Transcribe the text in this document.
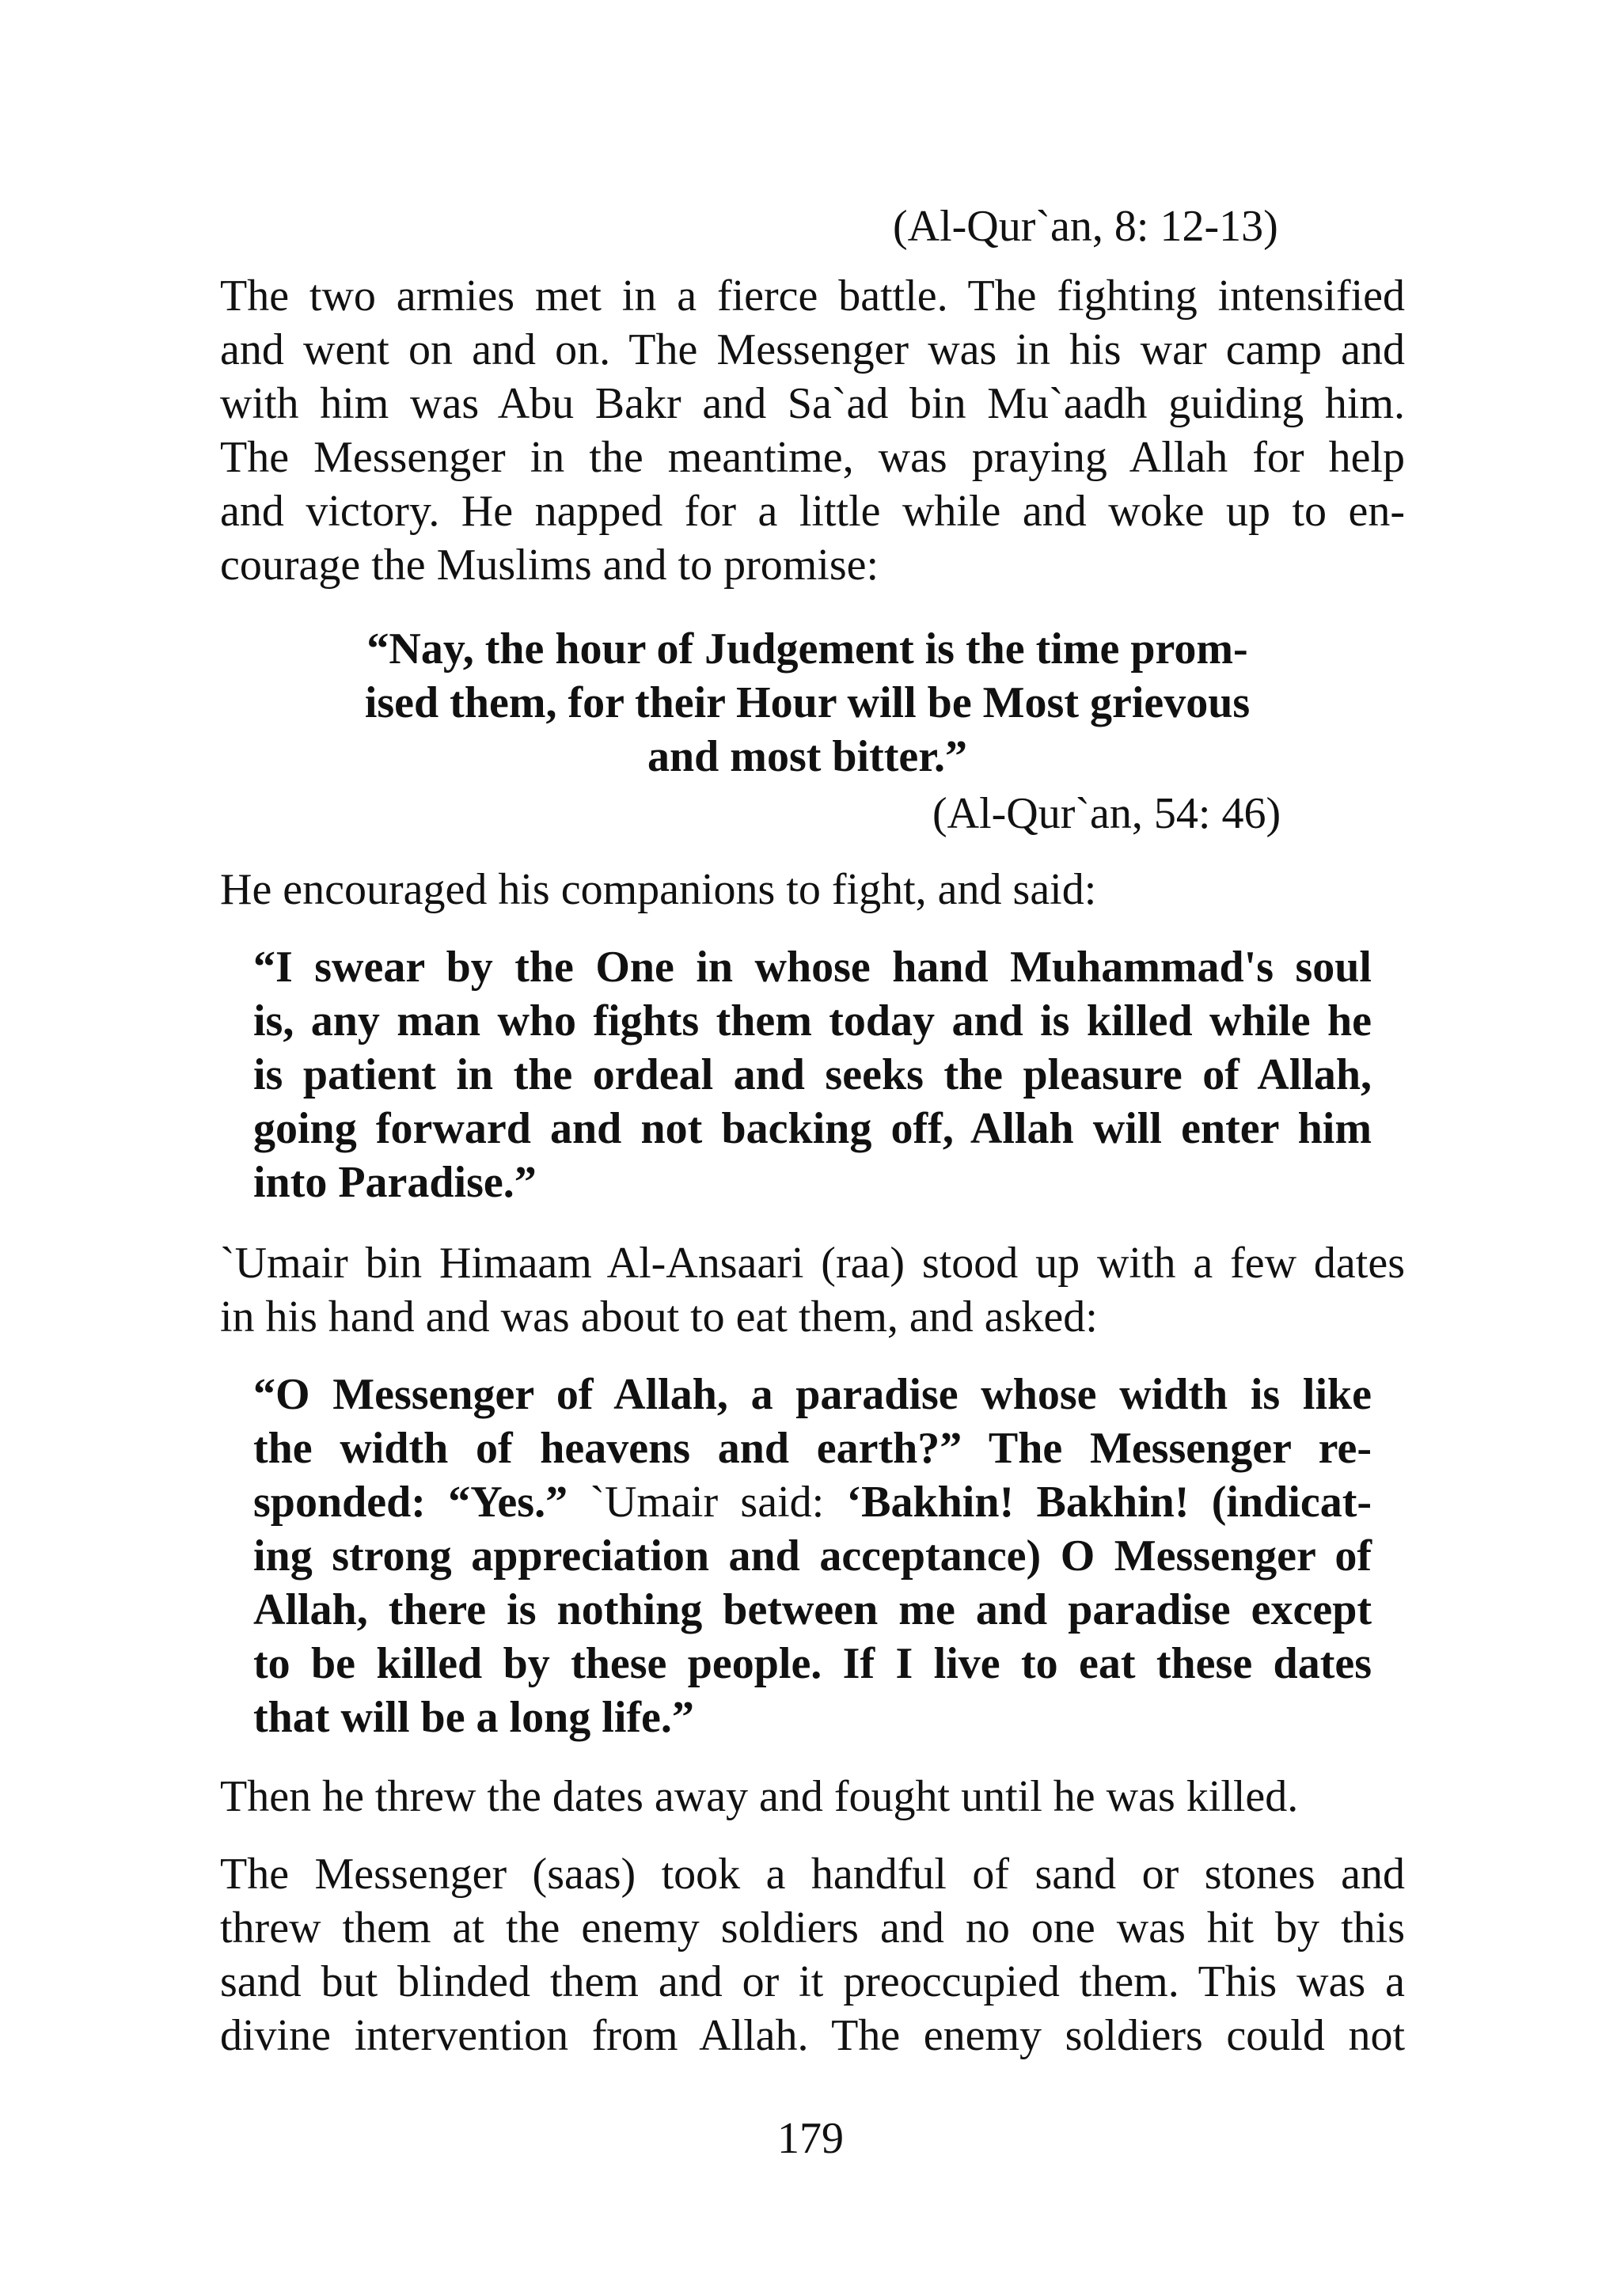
(Al-Qur`an, 8: 12-13)

The two armies met in a fierce battle. The fighting intensified
and went on and on. The Messenger was in his war camp and
with him was Abu Bakr and Sa`ad bin Mu`aadh guiding him.
The Messenger in the meantime, was praying Allah for help
and victory. He napped for a little while and woke up to en-
courage the Muslims and to promise:
“Nay, the hour of Judgement is the time prom-
ised them, for their Hour will be Most grievous
and most bitter.”

(Al-Qur`an, 54: 46)

He encouraged his companions to fight, and said:

“I swear by the One in whose hand Muhammad's soul
is, any man who fights them today and is killed while he
is patient in the ordeal and seeks the pleasure of Allah,
going forward and not backing off, Allah will enter him
into Paradise.”
`Umair bin Himaam Al-Ansaari (raa) stood up with a few dates
in his hand and was about to eat them, and asked:
“O Messenger of Allah, a paradise whose width is like
the width of heavens and earth?” The Messenger re-
sponded: “Yes.” `Umair said: ‘Bakhin! Bakhin! (indicat-
ing strong appreciation and acceptance) O Messenger of
Allah, there is nothing between me and paradise except
to be killed by these people. If I live to eat these dates
that will be a long life.”

Then he threw the dates away and fought until he was killed.

The Messenger (saas) took a handful of sand or stones and
threw them at the enemy soldiers and no one was hit by this
sand but blinded them and or it preoccupied them. This was a
divine intervention from Allah. The enemy soldiers could not
179
